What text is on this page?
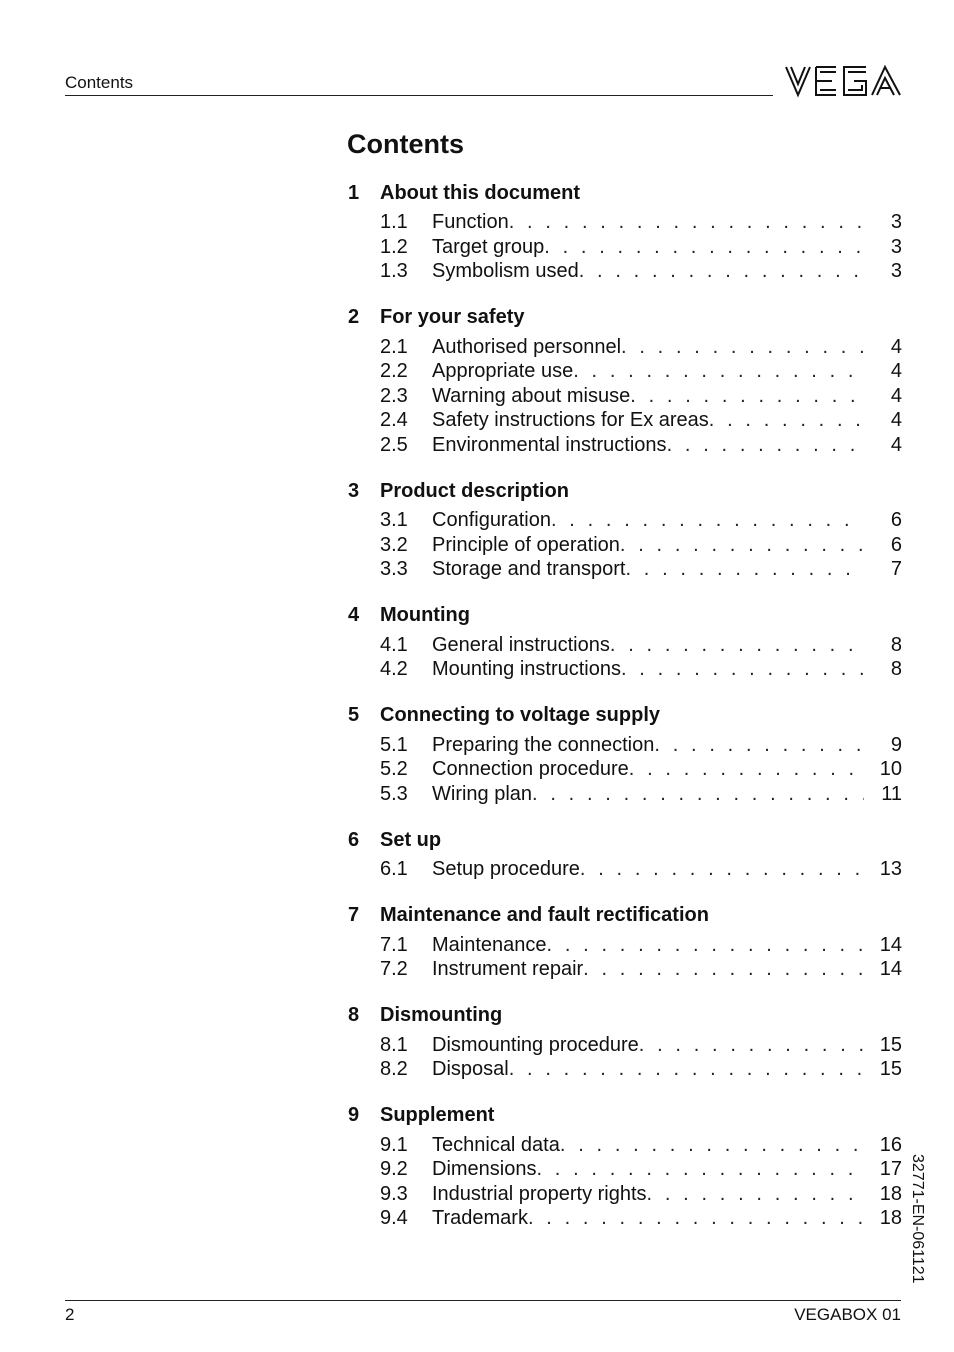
Contents
Contents
1	About this document
1.1	Function . . .	3
1.2	Target group . . .	3
1.3	Symbolism used . . .	3
2	For your safety
2.1	Authorised personnel . . .	4
2.2	Appropriate use . . .	4
2.3	Warning about misuse . . .	4
2.4	Safety instructions for Ex areas . . .	4
2.5	Environmental instructions . . .	4
3	Product description
3.1	Configuration . . .	6
3.2	Principle of operation . . .	6
3.3	Storage and transport . . .	7
4	Mounting
4.1	General instructions . . .	8
4.2	Mounting instructions . . .	8
5	Connecting to voltage supply
5.1	Preparing the connection . . .	9
5.2	Connection procedure . . .	10
5.3	Wiring plan . . .	11
6	Set up
6.1	Setup procedure . . .	13
7	Maintenance and fault rectification
7.1	Maintenance . . .	14
7.2	Instrument repair . . .	14
8	Dismounting
8.1	Dismounting procedure . . .	15
8.2	Disposal . . .	15
9	Supplement
9.1	Technical data . . .	16
9.2	Dimensions . . .	17
9.3	Industrial property rights . . .	18
9.4	Trademark . . .	18 32771-EN-061121
2	VEGABOX 01
